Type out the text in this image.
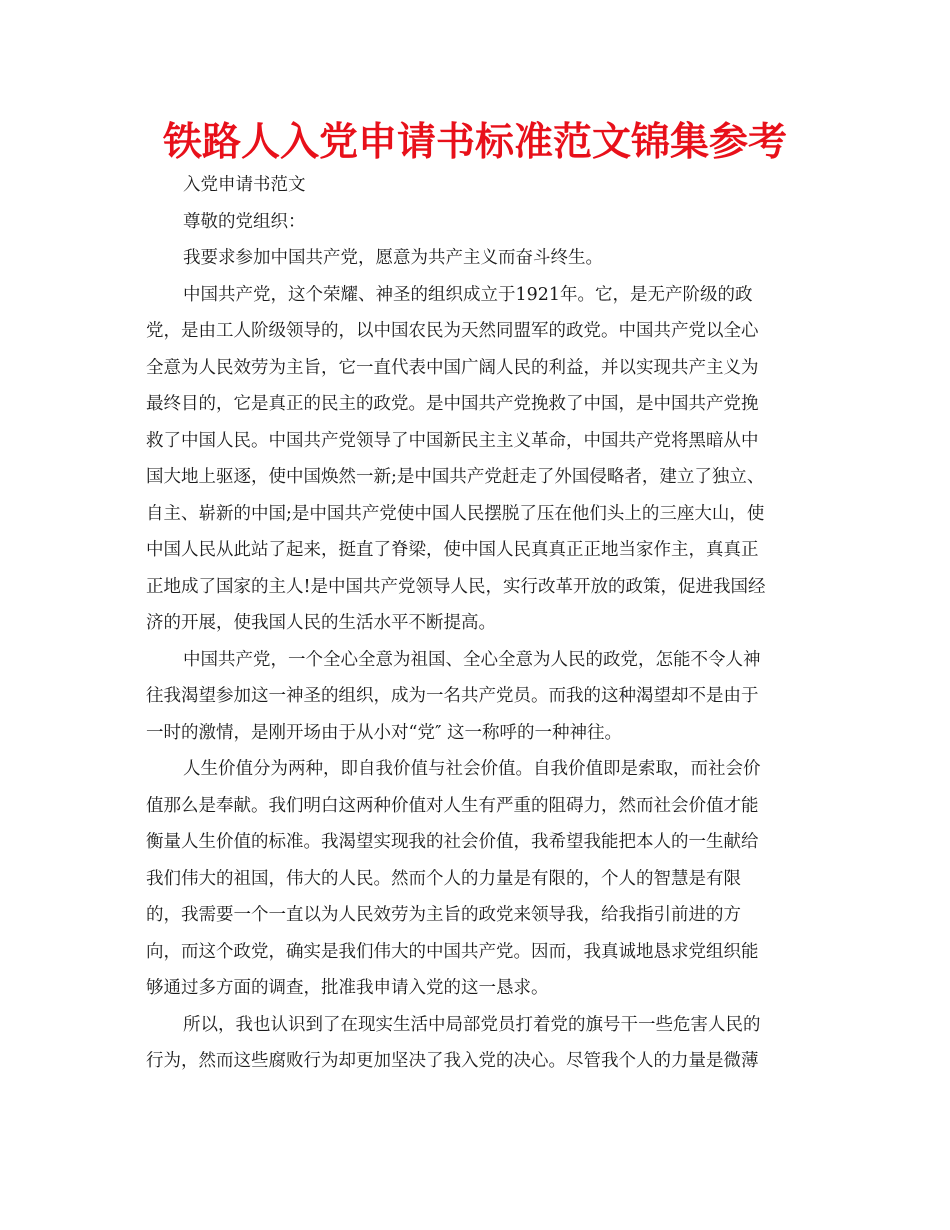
铁路人入党申请书标准范文锦集参考
入党申请书范文
尊敬的党组织：
我要求参加中国共产党，愿意为共产主义而奋斗终生。
中国共产党，这个荣耀、神圣的组织成立于1921年。它，是无产阶级的政
党，是由工人阶级领导的，以中国农民为天然同盟军的政党。中国共产党以全心
全意为人民效劳为主旨，它一直代表中国广阔人民的利益，并以实现共产主义为
最终目的，它是真正的民主的政党。是中国共产党挽救了中国，是中国共产党挽
救了中国人民。中国共产党领导了中国新民主主义革命，中国共产党将黑暗从中
国大地上驱逐，使中国焕然一新;是中国共产党赶走了外国侵略者，建立了独立、
自主、崭新的中国;是中国共产党使中国人民摆脱了压在他们头上的三座大山，使
中国人民从此站了起来，挺直了脊梁，使中国人民真真正正地当家作主，真真正
正地成了国家的主人!是中国共产党领导人民，实行改革开放的政策，促进我国经
济的开展，使我国人民的生活水平不断提高。
中国共产党，一个全心全意为祖国、全心全意为人民的政党，怎能不令人神
往我渴望参加这一神圣的组织，成为一名共产党员。而我的这种渴望却不是由于
一时的激情，是刚开场由于从小对“党″ 这一称呼的一种神往。
人生价值分为两种，即自我价值与社会价值。自我价值即是索取，而社会价
值那么是奉献。我们明白这两种价值对人生有严重的阻碍力，然而社会价值才能
衡量人生价值的标准。我渴望实现我的社会价值，我希望我能把本人的一生献给
我们伟大的祖国，伟大的人民。然而个人的力量是有限的，个人的智慧是有限
的，我需要一个一直以为人民效劳为主旨的政党来领导我，给我指引前进的方
向，而这个政党，确实是我们伟大的中国共产党。因而，我真诚地恳求党组织能
够通过多方面的调查，批准我申请入党的这一恳求。
所以，我也认识到了在现实生活中局部党员打着党的旗号干一些危害人民的
行为，然而这些腐败行为却更加坚决了我入党的决心。尽管我个人的力量是微薄
